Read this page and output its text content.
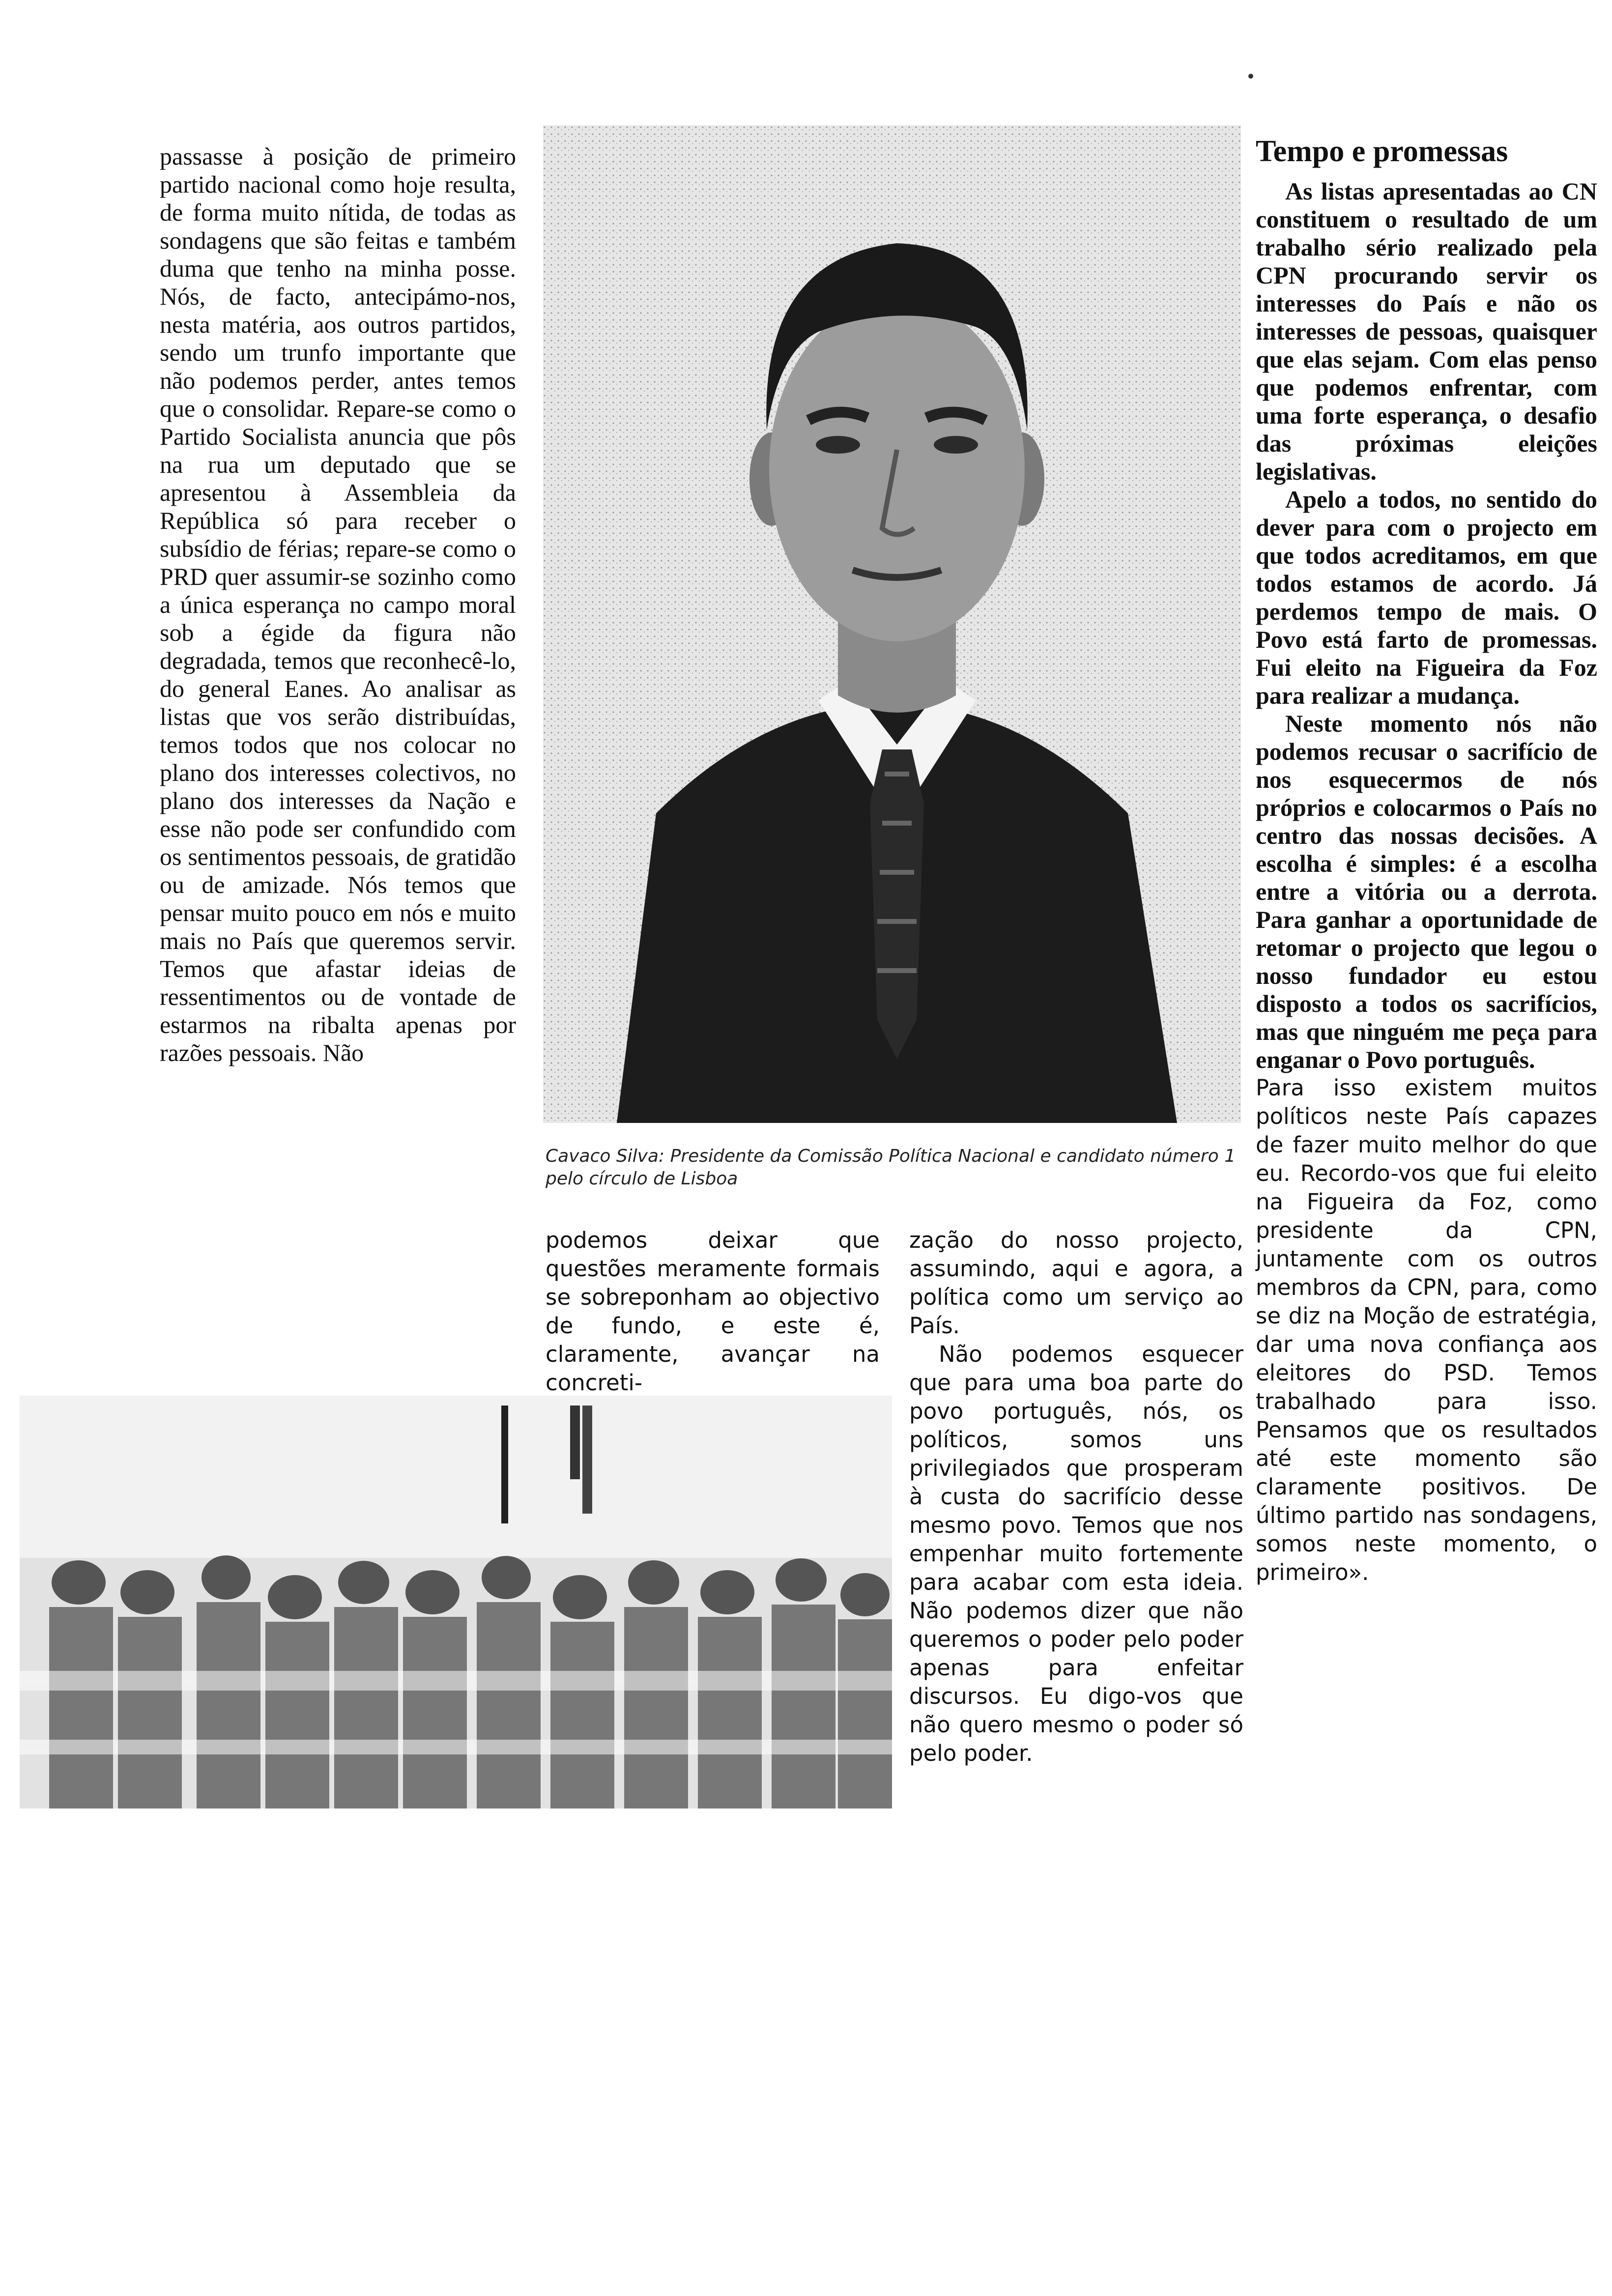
passasse à posição de primeiro partido nacional como hoje resulta, de forma muito nítida, de todas as sondagens que são feitas e também duma que tenho na minha posse. Nós, de facto, antecipámo-nos, nesta matéria, aos outros partidos, sendo um trunfo importante que não podemos perder, antes temos que o consolidar. Repare-se como o Partido Socialista anuncia que pôs na rua um deputado que se apresentou à Assembleia da República só para receber o subsídio de férias; repare-se como o PRD quer assumir-se sozinho como a única esperança no campo moral sob a égide da figura não degradada, temos que reconhecê-lo, do general Eanes. Ao analisar as listas que vos serão distribuídas, temos todos que nos colocar no plano dos interesses colectivos, no plano dos interesses da Nação e esse não pode ser confundido com os sentimentos pessoais, de gratidão ou de amizade. Nós temos que pensar muito pouco em nós e muito mais no País que queremos servir. Temos que afastar ideias de ressentimentos ou de vontade de estarmos na ribalta apenas por razões pessoais. Não

Cavaco Silva: Presidente da Comissão Política Nacional e candidato número 1 pelo círculo de Lisboa

podemos deixar que questões meramente formais se sobreponham ao objectivo de fundo, e este é, claramente, avançar na concreti-

zação do nosso projecto, assumindo, aqui e agora, a política como um serviço ao País.

Não podemos esquecer que para uma boa parte do povo português, nós, os políticos, somos uns privilegiados que prosperam à custa do sacrifício desse mesmo povo. Temos que nos empenhar muito fortemente para acabar com esta ideia. Não podemos dizer que não queremos o poder pelo poder apenas para enfeitar discursos. Eu digo-vos que não quero mesmo o poder só pelo poder.

Tempo e promessas

As listas apresentadas ao CN constituem o resultado de um trabalho sério realizado pela CPN procurando servir os interesses do País e não os interesses de pessoas, quaisquer que elas sejam. Com elas penso que podemos enfrentar, com uma forte esperança, o desafio das próximas eleições legislativas.

Apelo a todos, no sentido do dever para com o projecto em que todos acreditamos, em que todos estamos de acordo. Já perdemos tempo de mais. O Povo está farto de promessas. Fui eleito na Figueira da Foz para realizar a mudança.

Neste momento nós não podemos recusar o sacrifício de nos esquecermos de nós próprios e colocarmos o País no centro das nossas decisões. A escolha é simples: é a escolha entre a vitória ou a derrota. Para ganhar a oportunidade de retomar o projecto que legou o nosso fundador eu estou disposto a todos os sacrifícios, mas que ninguém me peça para enganar o Povo português.

Para isso existem muitos políticos neste País capazes de fazer muito melhor do que eu. Recordo-vos que fui eleito na Figueira da Foz, como presidente da CPN, juntamente com os outros membros da CPN, para, como se diz na Moção de estratégia, dar uma nova confiança aos eleitores do PSD. Temos trabalhado para isso. Pensamos que os resultados até este momento são claramente positivos. De último partido nas sondagens, somos neste momento, o primeiro».
